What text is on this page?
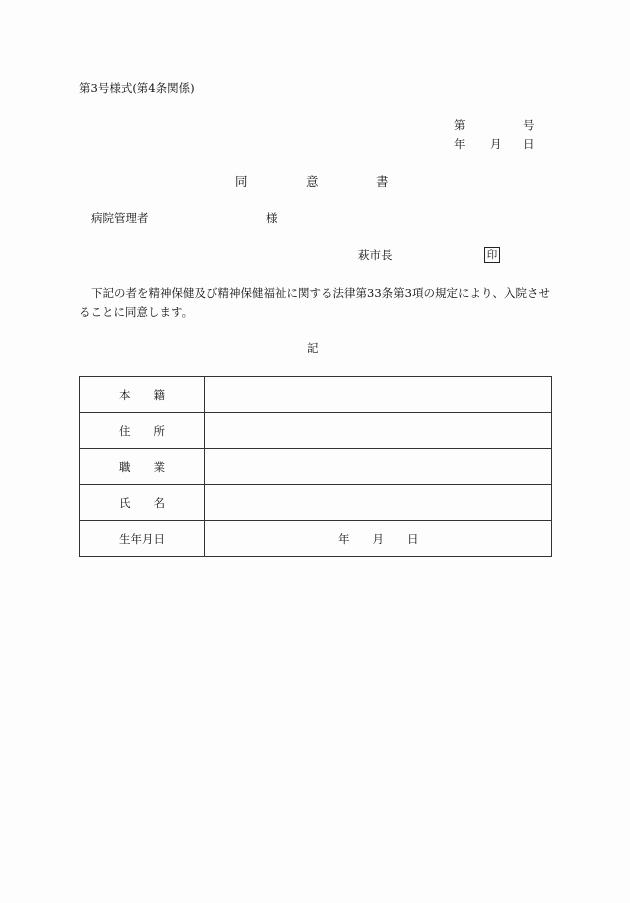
第3号様式(第4条関係)
第	号
年 月 日
同	意	書
病院管理者	様
萩市長	印
下記の者を精神保健及び精神保健福祉に関する法律第33条第3項の規定により、入院させることに同意します。
記
本　　籍	
住　　所	
職　　業	
氏　　名	
生年月日	年　　月　　日
